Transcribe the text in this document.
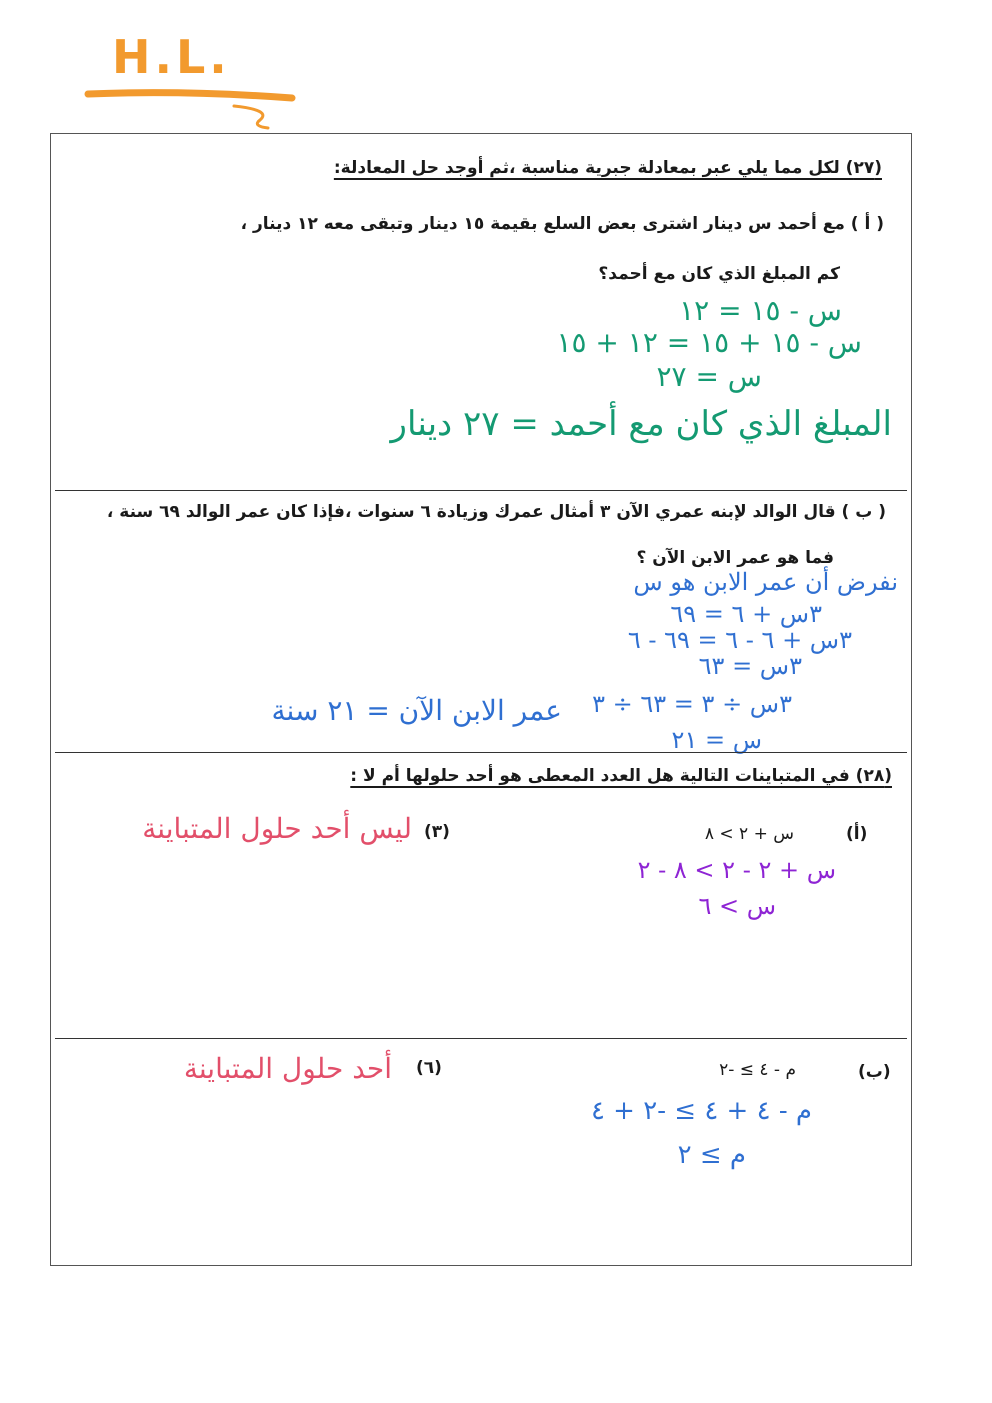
H.L.
(٢٧) لكل مما يلي عبر بمعادلة جبرية مناسبة ،ثم أوجد حل المعادلة:
( أ ) مع أحمد س دينار اشترى بعض السلع بقيمة ١٥ دينار وتبقى معه ١٢ دينار ،
كم المبلغ الذي كان مع أحمد؟
س - ١٥ = ١٢
س - ١٥ + ١٥ = ١٢ + ١٥
س = ٢٧
المبلغ الذي كان مع أحمد = ٢٧ دينار
( ب ) قال الوالد لإبنه عمري الآن ٣ أمثال عمرك وزيادة ٦ سنوات ،فإذا كان عمر الوالد ٦٩ سنة ،
فما هو عمر الابن الآن ؟
نفرض أن عمر الابن هو س
٣س + ٦ = ٦٩
٣س + ٦ - ٦ = ٦٩ - ٦
٣س = ٦٣
٣س ÷ ٣ = ٦٣ ÷ ٣
س = ٢١
عمر الابن الآن = ٢١ سنة
(٢٨) في المتباينات التالية هل العدد المعطى هو أحد حلولها أم لا :
(أ)
س + ٢ > ٨
(٣)
ليس أحد حلول المتباينة
س + ٢ - ٢ > ٨ - ٢
س > ٦
(ب)
م - ٤ ≥ -٢
(٦)
أحد حلول المتباينة
م - ٤ + ٤ ≥ -٢ + ٤
م ≥ ٢
